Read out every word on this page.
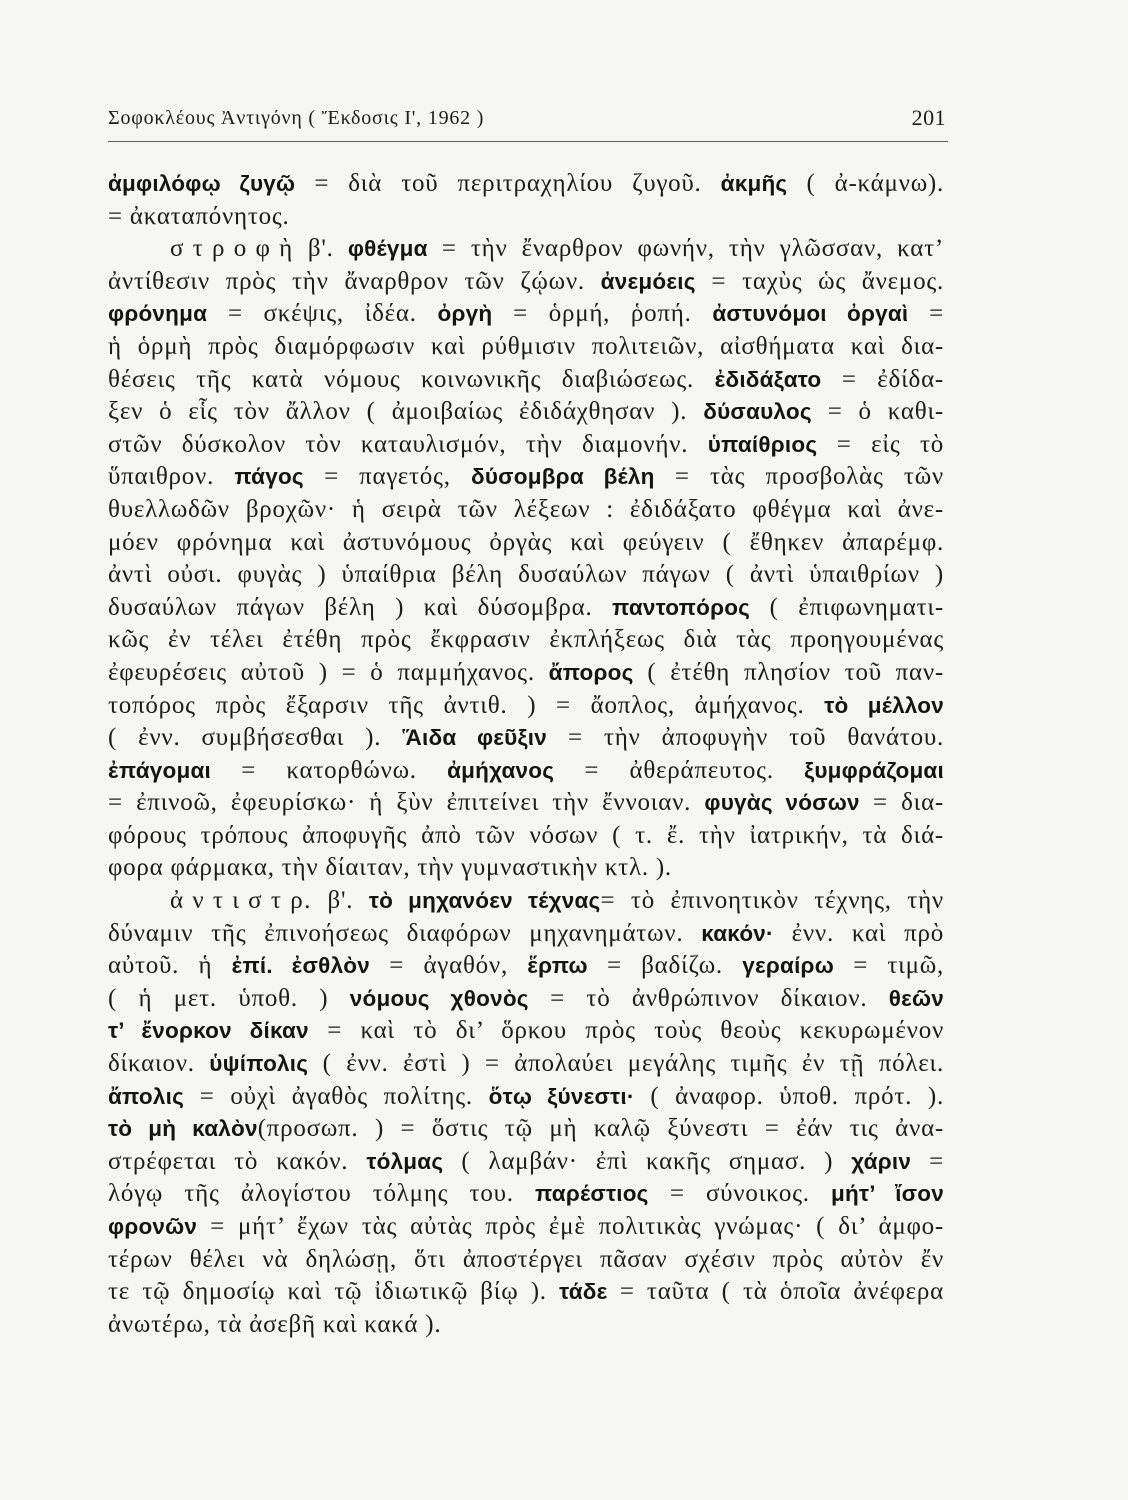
Σοφοκλέους Ἀντιγόνη ( Ἔκδοσις Ι', 1962 )	201
ἀμφιλόφῳ ζυγῷ = διὰ τοῦ περιτραχηλίου ζυγοῦ. ἀκμῆς ( ἀ-κάμνω).
= ἀκαταπόνητος.
σ τ ρ ο φ ὴ β'. φθέγμα = τὴν ἔναρθρον φωνήν, τὴν γλῶσσαν, κατ’
ἀντίθεσιν πρὸς τὴν ἄναρθρον τῶν ζῴων. ἀνεμόεις = ταχὺς ὡς ἄνεμος.
φρόνημα = σκέψις, ἰδέα. ὀργὴ = ὁρμή, ῥοπή. ἀστυνόμοι ὀργαὶ =
ἡ ὁρμὴ πρὸς διαμόρφωσιν καὶ ρύθμισιν πολιτειῶν, αἰσθήματα καὶ δια-
θέσεις τῆς κατὰ νόμους κοινωνικῆς διαβιώσεως. ἐδιδάξατο = ἐδίδα-
ξεν ὁ εἷς τὸν ἄλλον ( ἀμοιβαίως ἐδιδάχθησαν ). δύσαυλος = ὁ καθι-
στῶν δύσκολον τὸν καταυλισμόν, τὴν διαμονήν. ὑπαίθριος = εἰς τὸ
ὕπαιθρον. πάγος = παγετός, δύσομβρα βέλη = τὰς προσβολὰς τῶν
θυελλωδῶν βροχῶν· ἡ σειρὰ τῶν λέξεων : ἐδιδάξατο φθέγμα καὶ ἀνε-
μόεν φρόνημα καὶ ἀστυνόμους ὀργὰς καὶ φεύγειν ( ἔθηκεν ἀπαρέμφ.
ἀντὶ οὐσι. φυγὰς ) ὑπαίθρια βέλη δυσαύλων πάγων ( ἀντὶ ὑπαιθρίων )
δυσαύλων πάγων βέλη ) καὶ δύσομβρα. παντοπόρος ( ἐπιφωνηματι-
κῶς ἐν τέλει ἐτέθη πρὸς ἔκφρασιν ἐκπλήξεως διὰ τὰς προηγουμένας
ἐφευρέσεις αὐτοῦ ) = ὁ παμμήχανος. ἄπορος ( ἐτέθη πλησίον τοῦ παν-
τοπόρος πρὸς ἔξαρσιν τῆς ἀντιθ. ) = ἄοπλος, ἀμήχανος. τὸ μέλλον
( ἐνν. συμβήσεσθαι ). Ἅιδα φεῦξιν = τὴν ἀποφυγὴν τοῦ θανάτου.
ἐπάγομαι = κατορθώνω. ἀμήχανος = ἀθεράπευτος. ξυμφράζομαι
= ἐπινοῶ, ἐφευρίσκω· ἡ ξὺν ἐπιτείνει τὴν ἔννοιαν. φυγὰς νόσων = δια-
φόρους τρόπους ἀποφυγῆς ἀπὸ τῶν νόσων ( τ. ἔ. τὴν ἰατρικήν, τὰ διά-
φορα φάρμακα, τὴν δίαιταν, τὴν γυμναστικὴν κτλ. ).
ἀ ν τ ι σ τ ρ. β'. τὸ μηχανόεν τέχνας= τὸ ἐπινοητικὸν τέχνης, τὴν
δύναμιν τῆς ἐπινοήσεως διαφόρων μηχανημάτων. κακόν· ἐνν. καὶ πρὸ
αὐτοῦ. ἡ ἐπί. ἐσθλὸν = ἀγαθόν, ἕρπω = βαδίζω. γεραίρω = τιμῶ,
( ἡ μετ. ὑποθ. ) νόμους χθονὸς = τὸ ἀνθρώπινον δίκαιον. θεῶν
τ’ ἔνορκον δίκαν = καὶ τὸ δι’ ὅρκου πρὸς τοὺς θεοὺς κεκυρωμένον
δίκαιον. ὑψίπολις ( ἐνν. ἐστὶ ) = ἀπολαύει μεγάλης τιμῆς ἐν τῇ πόλει.
ἄπολις = οὐχὶ ἀγαθὸς πολίτης. ὅτῳ ξύνεστι· ( ἀναφορ. ὑποθ. πρότ. ).
τὸ μὴ καλὸν(προσωπ. ) = ὅστις τῷ μὴ καλῷ ξύνεστι = ἐάν τις ἀνα-
στρέφεται τὸ κακόν. τόλμας ( λαμβάν· ἐπὶ κακῆς σημασ. ) χάριν =
λόγῳ τῆς ἀλογίστου τόλμης του. παρέστιος = σύνοικος. μήτ’ ἴσον
φρονῶν = μήτ’ ἔχων τὰς αὐτὰς πρὸς ἐμὲ πολιτικὰς γνώμας· ( δι’ ἀμφο-
τέρων θέλει νὰ δηλώσῃ, ὅτι ἀποστέργει πᾶσαν σχέσιν πρὸς αὐτὸν ἔν
τε τῷ δημοσίῳ καὶ τῷ ἰδιωτικῷ βίῳ ). τάδε = ταῦτα ( τὰ ὁποῖα ἀνέφερα
ἀνωτέρω, τὰ ἀσεβῆ καὶ κακά ).
